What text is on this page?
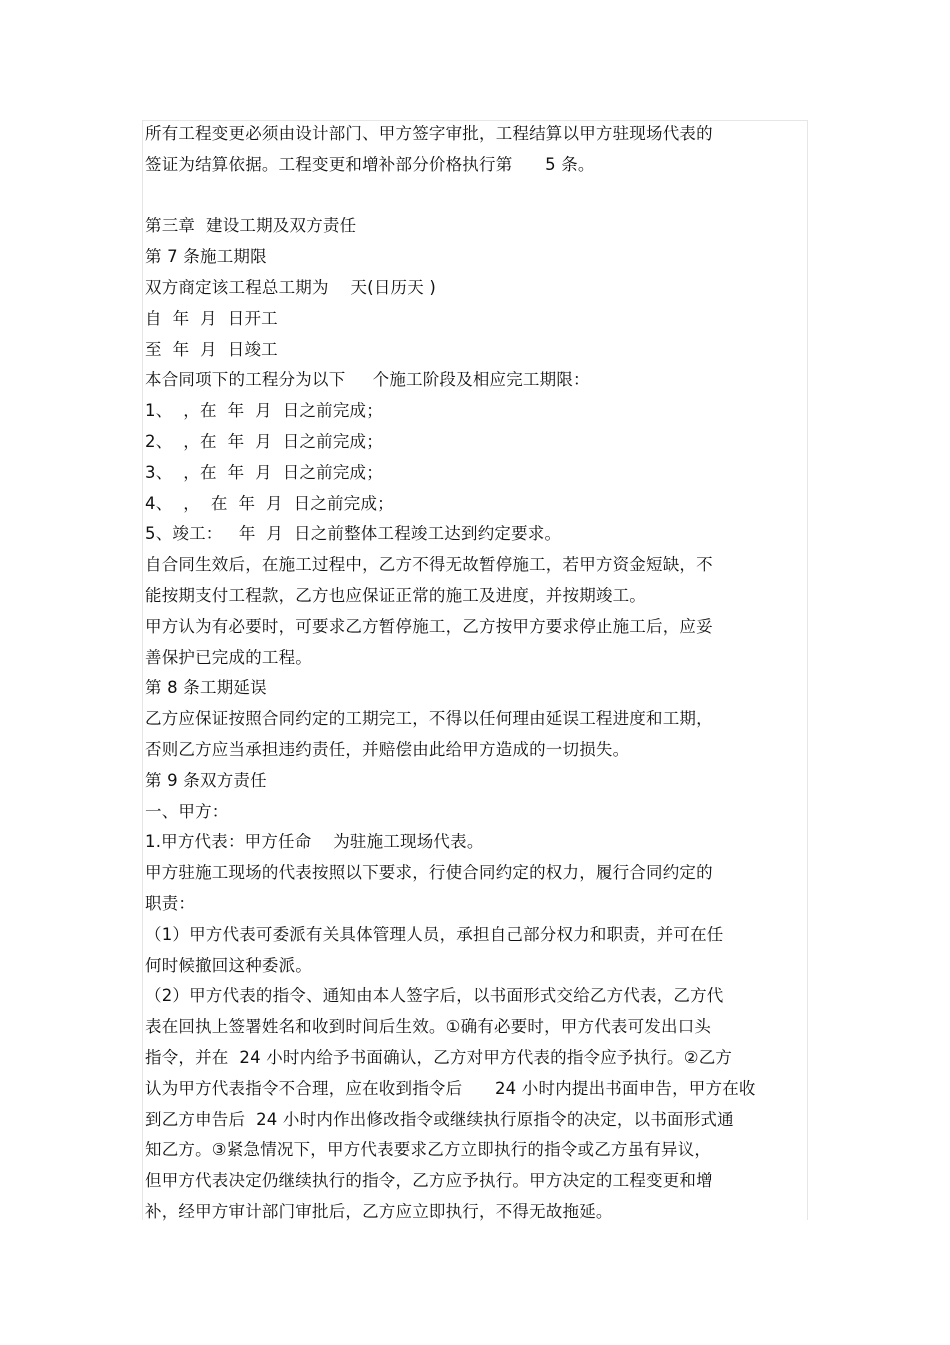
所有工程变更必须由设计部门、甲方签字审批，工程结算以甲方驻现场代表的
签证为结算依据。工程变更和增补部分价格执行第      5 条。
第三章  建设工期及双方责任
第 7 条施工期限
双方商定该工程总工期为    天(日历天 )
自  年  月  日开工
至  年  月  日竣工
本合同项下的工程分为以下     个施工阶段及相应完工期限：
1、  ，在  年  月  日之前完成；
2、  ，在  年  月  日之前完成；
3、  ，在  年  月  日之前完成；
4、  ，  在  年  月  日之前完成；
5、竣工：   年  月  日之前整体工程竣工达到约定要求。
自合同生效后，在施工过程中，乙方不得无故暂停施工，若甲方资金短缺，不
能按期支付工程款，乙方也应保证正常的施工及进度，并按期竣工。
甲方认为有必要时，可要求乙方暂停施工，乙方按甲方要求停止施工后，应妥
善保护已完成的工程。
第 8 条工期延误
乙方应保证按照合同约定的工期完工，不得以任何理由延误工程进度和工期，
否则乙方应当承担违约责任，并赔偿由此给甲方造成的一切损失。
第 9 条双方责任
一、甲方：
1.甲方代表：甲方任命    为驻施工现场代表。
甲方驻施工现场的代表按照以下要求，行使合同约定的权力，履行合同约定的
职责：
（1）甲方代表可委派有关具体管理人员，承担自己部分权力和职责，并可在任
何时候撤回这种委派。
（2）甲方代表的指令、通知由本人签字后，以书面形式交给乙方代表，乙方代
表在回执上签署姓名和收到时间后生效。①确有必要时，甲方代表可发出口头
指令，并在  24 小时内给予书面确认，乙方对甲方代表的指令应予执行。②乙方
认为甲方代表指令不合理，应在收到指令后      24 小时内提出书面申告，甲方在收
到乙方申告后  24 小时内作出修改指令或继续执行原指令的决定，以书面形式通
知乙方。③紧急情况下，甲方代表要求乙方立即执行的指令或乙方虽有异议，
但甲方代表决定仍继续执行的指令，乙方应予执行。甲方决定的工程变更和增
补，经甲方审计部门审批后，乙方应立即执行，不得无故拖延。
